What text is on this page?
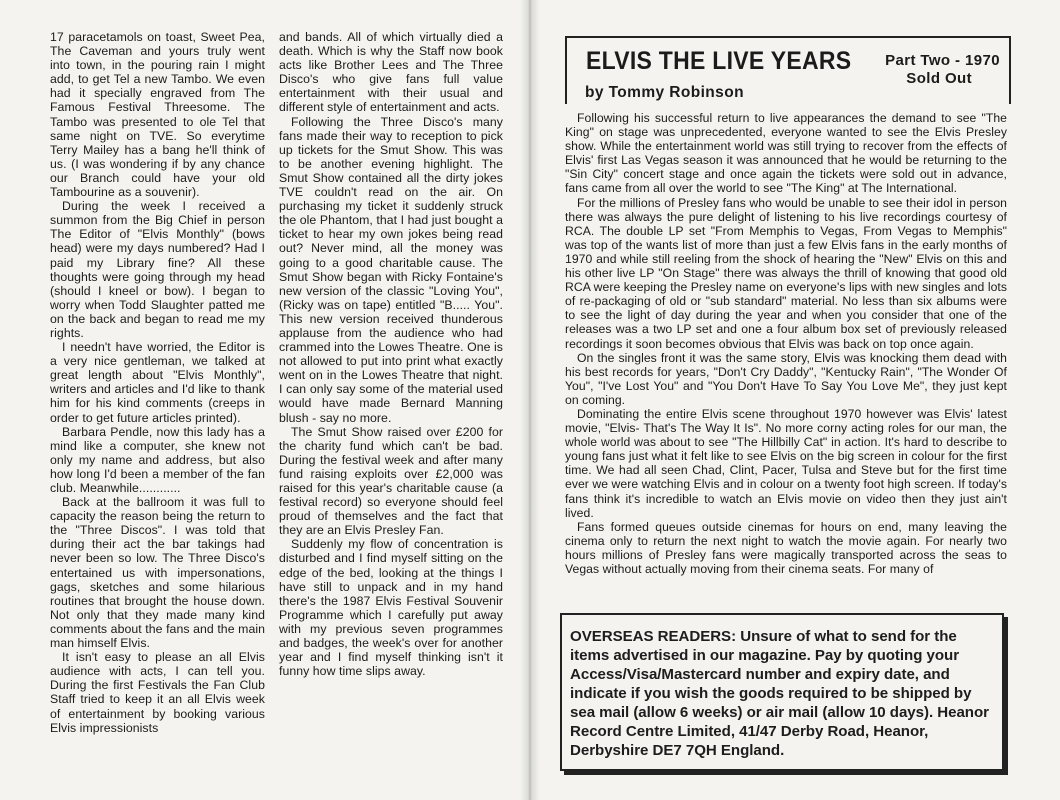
17 paracetamols on toast, Sweet Pea, The Caveman and yours truly went into town, in the pouring rain I might add, to get Tel a new Tambo. We even had it specially engraved from The Famous Festival Threesome. The Tambo was presented to ole Tel that same night on TVE. So everytime Terry Mailey has a bang he'll think of us. (I was wondering if by any chance our Branch could have your old Tambourine as a souvenir).

During the week I received a summon from the Big Chief in person The Editor of "Elvis Monthly" (bows head) were my days numbered? Had I paid my Library fine? All these thoughts were going through my head (should I kneel or bow). I began to worry when Todd Slaughter patted me on the back and began to read me my rights.

I needn't have worried, the Editor is a very nice gentleman, we talked at great length about "Elvis Monthly", writers and articles and I'd like to thank him for his kind comments (creeps in order to get future articles printed).

Barbara Pendle, now this lady has a mind like a computer, she knew not only my name and address, but also how long I'd been a member of the fan club. Meanwhile............

Back at the ballroom it was full to capacity the reason being the return to the "Three Discos". I was told that during their act the bar takings had never been so low. The Three Disco's entertained us with impersonations, gags, sketches and some hilarious routines that brought the house down. Not only that they made many kind comments about the fans and the main man himself Elvis.

It isn't easy to please an all Elvis audience with acts, I can tell you. During the first Festivals the Fan Club Staff tried to keep it an all Elvis week of entertainment by booking various Elvis impressionists

and bands. All of which virtually died a death. Which is why the Staff now book acts like Brother Lees and The Three Disco's who give fans full value entertainment with their usual and different style of entertainment and acts.

Following the Three Disco's many fans made their way to reception to pick up tickets for the Smut Show. This was to be another evening highlight. The Smut Show contained all the dirty jokes TVE couldn't read on the air. On purchasing my ticket it suddenly struck the ole Phantom, that I had just bought a ticket to hear my own jokes being read out? Never mind, all the money was going to a good charitable cause. The Smut Show began with Ricky Fontaine's new version of the classic "Loving You", (Ricky was on tape) entitled "B..... You". This new version received thunderous applause from the audience who had crammed into the Lowes Theatre. One is not allowed to put into print what exactly went on in the Lowes Theatre that night. I can only say some of the material used would have made Bernard Manning blush - say no more.

The Smut Show raised over £200 for the charity fund which can't be bad. During the festival week and after many fund raising exploits over £2,000 was raised for this year's charitable cause (a festival record) so everyone should feel proud of themselves and the fact that they are an Elvis Presley Fan.

Suddenly my flow of concentration is disturbed and I find myself sitting on the edge of the bed, looking at the things I have still to unpack and in my hand there's the 1987 Elvis Festival Souvenir Programme which I carefully put away with my previous seven programmes and badges, the week's over for another year and I find myself thinking isn't it funny how time slips away.

ELVIS THE LIVE YEARS	Part Two - 1970
Sold Out
by Tommy Robinson

Following his successful return to live appearances the demand to see "The King" on stage was unprecedented, everyone wanted to see the Elvis Presley show. While the entertainment world was still trying to recover from the effects of Elvis' first Las Vegas season it was announced that he would be returning to the "Sin City" concert stage and once again the tickets were sold out in advance, fans came from all over the world to see "The King" at The International.

For the millions of Presley fans who would be unable to see their idol in person there was always the pure delight of listening to his live recordings courtesy of RCA. The double LP set "From Memphis to Vegas, From Vegas to Memphis" was top of the wants list of more than just a few Elvis fans in the early months of 1970 and while still reeling from the shock of hearing the "New" Elvis on this and his other live LP "On Stage" there was always the thrill of knowing that good old RCA were keeping the Presley name on everyone's lips with new singles and lots of re-packaging of old or "sub standard" material. No less than six albums were to see the light of day during the year and when you consider that one of the releases was a two LP set and one a four album box set of previously released recordings it soon becomes obvious that Elvis was back on top once again.

On the singles front it was the same story, Elvis was knocking them dead with his best records for years, "Don't Cry Daddy", "Kentucky Rain", "The Wonder Of You", "I've Lost You" and "You Don't Have To Say You Love Me", they just kept on coming.

Dominating the entire Elvis scene throughout 1970 however was Elvis' latest movie, "Elvis- That's The Way It Is". No more corny acting roles for our man, the whole world was about to see "The Hillbilly Cat" in action. It's hard to describe to young fans just what it felt like to see Elvis on the big screen in colour for the first time. We had all seen Chad, Clint, Pacer, Tulsa and Steve but for the first time ever we were watching Elvis and in colour on a twenty foot high screen. If today's fans think it's incredible to watch an Elvis movie on video then they just ain't lived.

Fans formed queues outside cinemas for hours on end, many leaving the cinema only to return the next night to watch the movie again. For nearly two hours millions of Presley fans were magically transported across the seas to Vegas without actually moving from their cinema seats. For many of

OVERSEAS READERS: Unsure of what to send for the items advertised in our magazine. Pay by quoting your Access/Visa/Mastercard number and expiry date, and indicate if you wish the goods required to be shipped by sea mail (allow 6 weeks) or air mail (allow 10 days). Heanor Record Centre Limited, 41/47 Derby Road, Heanor, Derbyshire DE7 7QH England.
